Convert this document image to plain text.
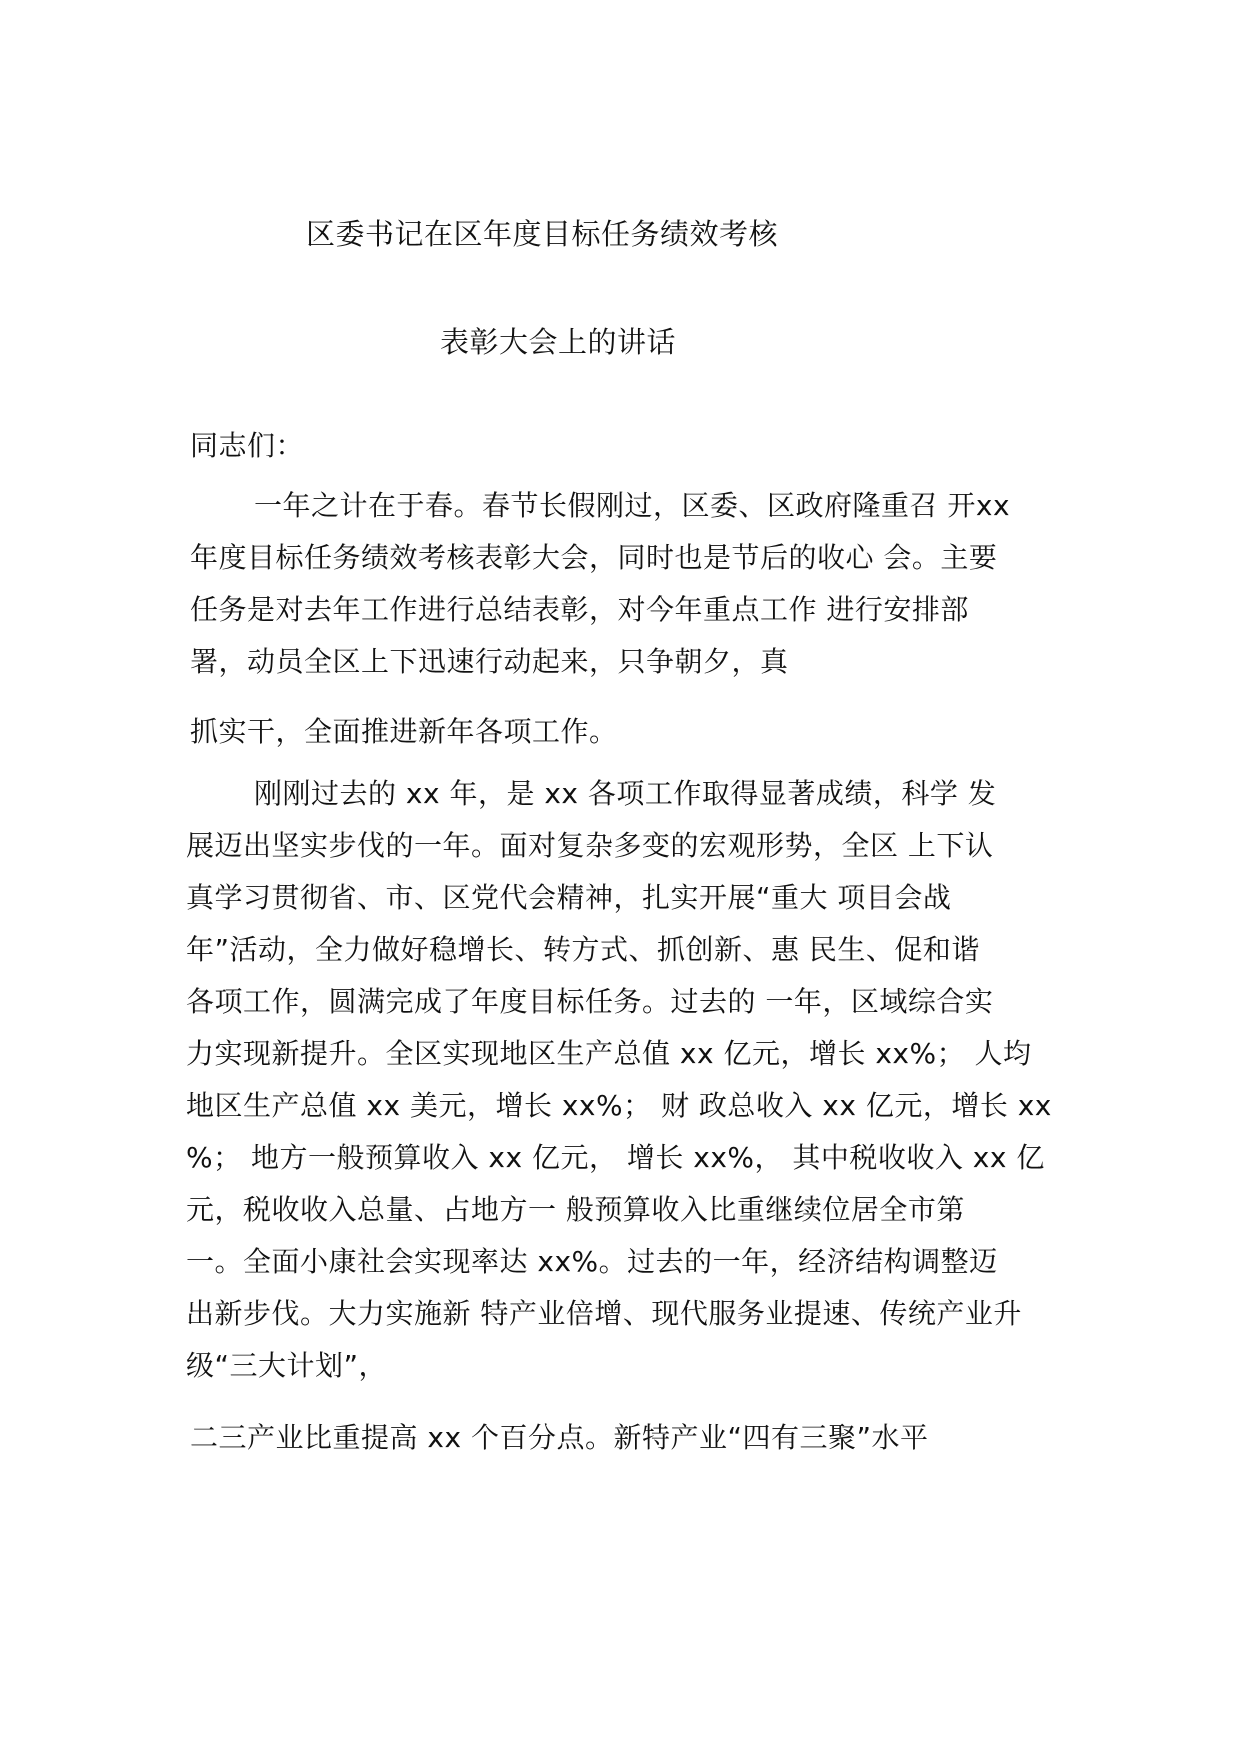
区委书记在区年度目标任务绩效考核
表彰大会上的讲话
同志们：
一年之计在于春。春节长假刚过，区委、区政府隆重召 开xx
年度目标任务绩效考核表彰大会，同时也是节后的收心 会。主要
任务是对去年工作进行总结表彰，对今年重点工作 进行安排部
署，动员全区上下迅速行动起来，只争朝夕，真
抓实干，全面推进新年各项工作。
刚刚过去的 xx 年，是 xx 各项工作取得显著成绩，科学 发
展迈出坚实步伐的一年。面对复杂多变的宏观形势，全区 上下认
真学习贯彻省、市、区党代会精神，扎实开展“重大 项目会战
年”活动，全力做好稳增长、转方式、抓创新、惠 民生、促和谐
各项工作，圆满完成了年度目标任务。过去的 一年，区域综合实
力实现新提升。全区实现地区生产总值 xx 亿元，增长 xx%； 人均
地区生产总值 xx 美元，增长 xx%； 财 政总收入 xx 亿元，增长 xx
%； 地方一般预算收入 xx 亿元， 增长 xx%， 其中税收收入 xx 亿
元，税收收入总量、占地方一 般预算收入比重继续位居全市第
一。全面小康社会实现率达 xx%。过去的一年，经济结构调整迈
出新步伐。大力实施新 特产业倍增、现代服务业提速、传统产业升
级“三大计划”，
二三产业比重提高 xx 个百分点。新特产业“四有三聚”水平
